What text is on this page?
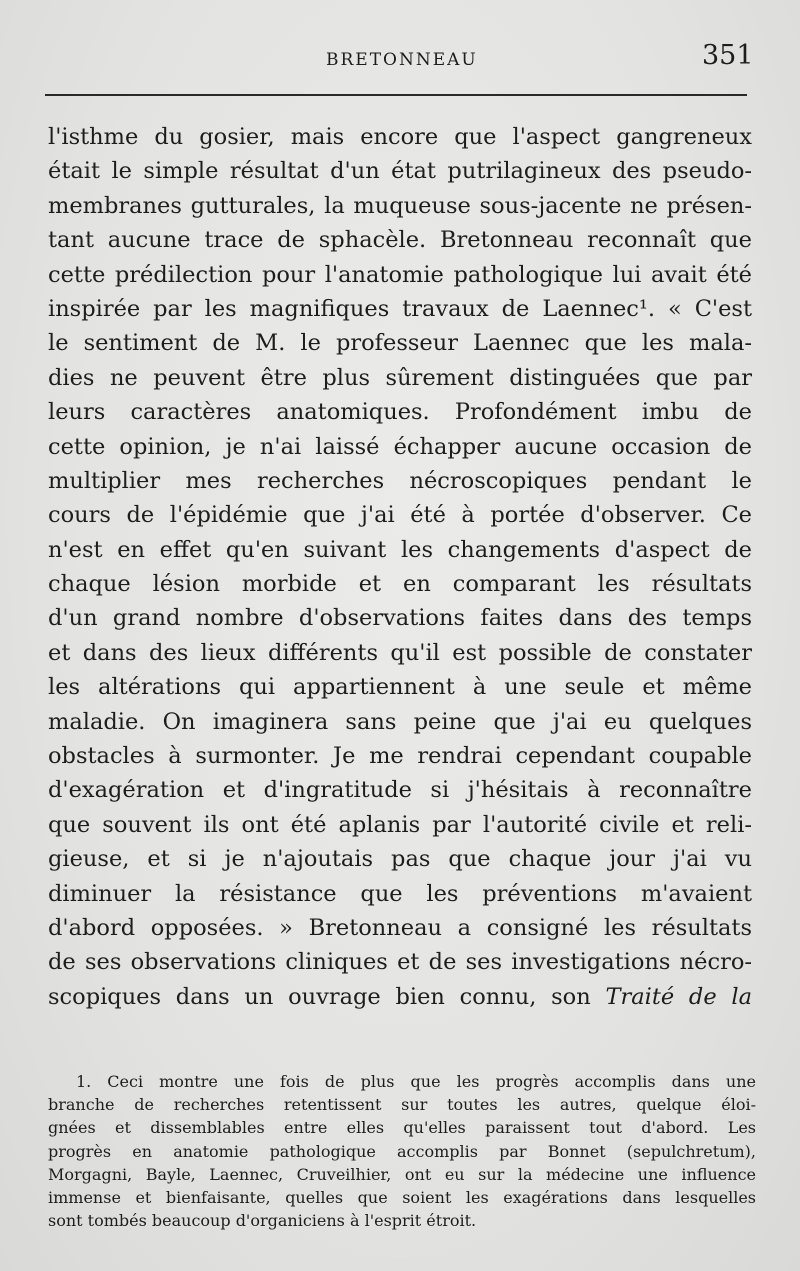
BRETONNEAU	351
l'isthme du gosier, mais encore que l'aspect gangreneux
était le simple résultat d'un état putrilagineux des pseudo-
membranes gutturales, la muqueuse sous-jacente ne présen-
tant aucune trace de sphacèle. Bretonneau reconnaît que
cette prédilection pour l'anatomie pathologique lui avait été
inspirée par les magnifiques travaux de Laennec¹. « C'est
le sentiment de M. le professeur Laennec que les mala-
dies ne peuvent être plus sûrement distinguées que par
leurs caractères anatomiques. Profondément imbu de
cette opinion, je n'ai laissé échapper aucune occasion de
multiplier mes recherches nécroscopiques pendant le
cours de l'épidémie que j'ai été à portée d'observer. Ce
n'est en effet qu'en suivant les changements d'aspect de
chaque lésion morbide et en comparant les résultats
d'un grand nombre d'observations faites dans des temps
et dans des lieux différents qu'il est possible de constater
les altérations qui appartiennent à une seule et même
maladie. On imaginera sans peine que j'ai eu quelques
obstacles à surmonter. Je me rendrai cependant coupable
d'exagération et d'ingratitude si j'hésitais à reconnaître
que souvent ils ont été aplanis par l'autorité civile et reli-
gieuse, et si je n'ajoutais pas que chaque jour j'ai vu
diminuer la résistance que les préventions m'avaient
d'abord opposées. » Bretonneau a consigné les résultats
de ses observations cliniques et de ses investigations nécro-
scopiques dans un ouvrage bien connu, son Traité de la
1. Ceci montre une fois de plus que les progrès accomplis dans une
branche de recherches retentissent sur toutes les autres, quelque éloi-
gnées et dissemblables entre elles qu'elles paraissent tout d'abord. Les
progrès en anatomie pathologique accomplis par Bonnet (sepulchretum),
Morgagni, Bayle, Laennec, Cruveilhier, ont eu sur la médecine une influence
immense et bienfaisante, quelles que soient les exagérations dans lesquelles
sont tombés beaucoup d'organiciens à l'esprit étroit.
